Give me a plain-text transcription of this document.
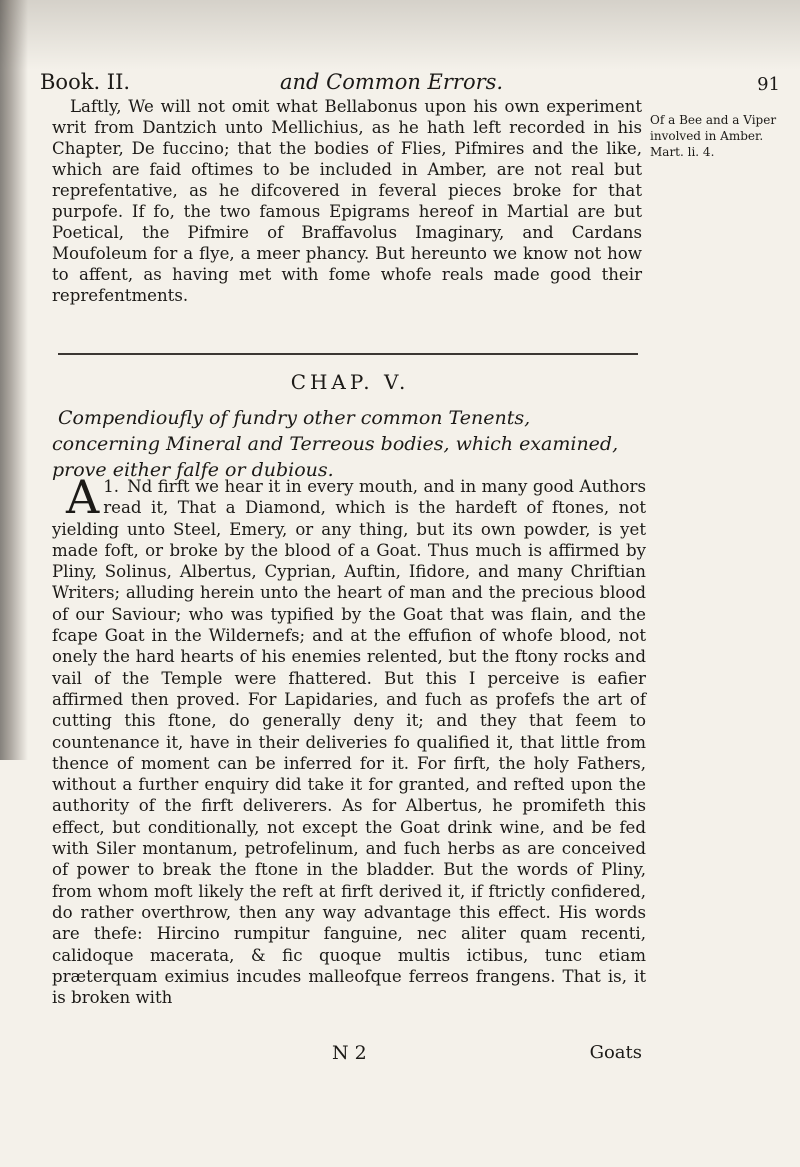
Book. II.	and Common Errors.	91

Laftly, We will not omit what Bellabonus upon his own experiment writ from Dantzich unto Mellichius, as he hath left recorded in his Chapter, De fuccino; that the bodies of Flies, Pifmires and the like, which are faid oftimes to be included in Amber, are not real but reprefentative, as he difcovered in feveral pieces broke for that purpofe. If fo, the two famous Epigrams hereof in Martial are but Poetical, the Pifmire of Braffavolus Imaginary, and Cardans Moufoleum for a flye, a meer phancy. But hereunto we know not how to affent, as having met with fome whofe reals made good their reprefentments.

Of a Bee and a Viper involved in Amber. Mart. li. 4.
CHAP. V.
Compendioufly of fundry other common Tenents, concerning Mineral and Terreous bodies, which examined, prove either falfe or dubious.

1.
A Nd firft we hear it in every mouth, and in many good Authors read it, That a Diamond, which is the hardeft of ftones, not yielding unto Steel, Emery, or any thing, but its own powder, is yet made foft, or broke by the blood of a Goat. Thus much is affirmed by Pliny, Solinus, Albertus, Cyprian, Auftin, Ifidore, and many Chriftian Writers; alluding herein unto the heart of man and the precious blood of our Saviour; who was typified by the Goat that was flain, and the fcape Goat in the Wildernefs; and at the effufion of whofe blood, not onely the hard hearts of his enemies relented, but the ftony rocks and vail of the Temple were fhattered. But this I perceive is eafier affirmed then proved. For Lapidaries, and fuch as profefs the art of cutting this ftone, do generally deny it; and they that feem to countenance it, have in their deliveries fo qualified it, that little from thence of moment can be inferred for it. For firft, the holy Fathers, without a further enquiry did take it for granted, and refted upon the authority of the firft deliverers. As for Albertus, he promifeth this effect, but conditionally, not except the Goat drink wine, and be fed with Siler montanum, petrofelinum, and fuch herbs as are conceived of power to break the ftone in the bladder. But the words of Pliny, from whom moft likely the reft at firft derived it, if ftrictly confidered, do rather overthrow, then any way advantage this effect. His words are thefe: Hircino rumpitur fanguine, nec aliter quam recenti, calidoque macerata, & fic quoque multis ictibus, tunc etiam præterquam eximius incudes malleofque ferreos frangens. That is, it is broken with

N 2	Goats
